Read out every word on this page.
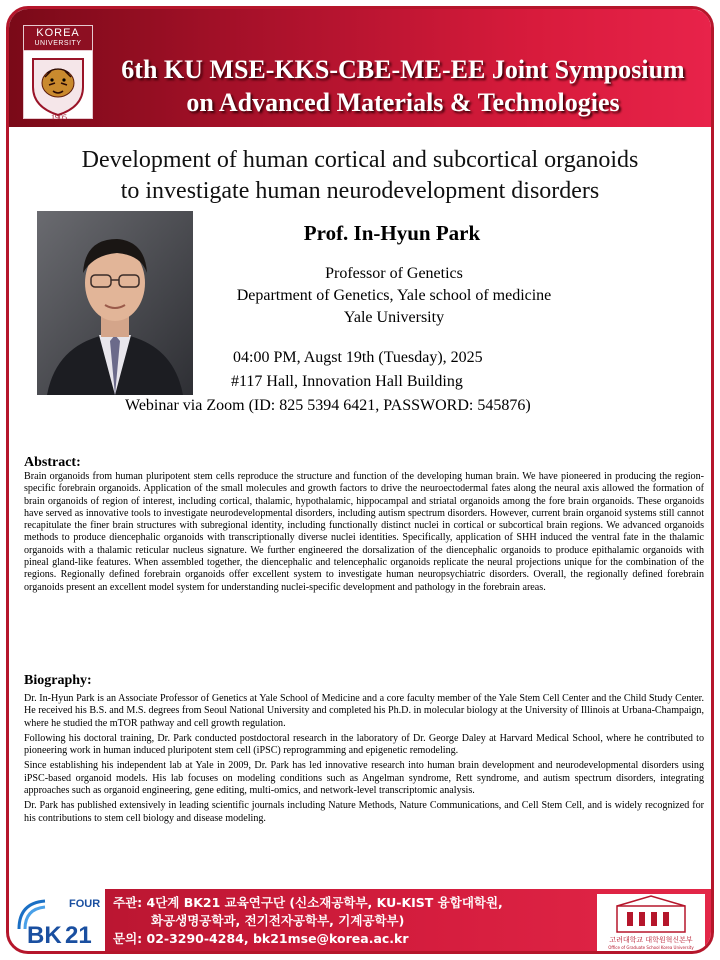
KOREA
UNIVERSITY
6th KU MSE-KKS-CBE-ME-EE Joint Symposium
on Advanced Materials & Technologies
Development of human cortical and subcortical organoids
to investigate human neurodevelopment disorders
Prof. In-Hyun Park
Professor of Genetics
Department of Genetics, Yale school of medicine
Yale University
04:00 PM, Augst 19th (Tuesday), 2025
#117 Hall, Innovation Hall Building
Webinar via Zoom (ID: 825 5394 6421, PASSWORD: 545876)
Abstract:
Brain organoids from human pluripotent stem cells reproduce the structure and function of the developing human brain. We have pioneered in producing the region-specific forebrain organoids. Application of the small molecules and growth factors to drive the neuroectodermal fates along the neural axis allowed the formation of brain organoids of region of interest, including cortical, thalamic, hypothalamic, hippocampal and striatal organoids among the fore brain organoids. These organoids have served as innovative tools to investigate neurodevelopmental disorders, including autism spectrum disorders. However, current brain organoid systems still cannot recapitulate the finer brain structures with subregional identity, including functionally distinct nuclei in cortical or subcortical brain regions. We advanced organoids methods to produce diencephalic organoids with transcriptionally diverse nuclei identities. Specifically, application of SHH induced the ventral fate in the thalamic organoids with a thalamic reticular nucleus signature. We further engineered the dorsalization of the diencephalic organoids to produce epithalamic organoids with pineal gland-like features. When assembled together, the diencephalic and telencephalic organoids replicate the neural projections unique for the combination of the regions. Regionally defined forebrain organoids offer excellent system to investigate human neuropsychiatric disorders. Overall, the regionally defined forebrain organoids present an excellent model system for understanding nuclei-specific development and pathology in the forebrain areas.
Biography:
Dr. In-Hyun Park is an Associate Professor of Genetics at Yale School of Medicine and a core faculty member of the Yale Stem Cell Center and the Child Study Center. He received his B.S. and M.S. degrees from Seoul National University and completed his Ph.D. in molecular biology at the University of Illinois at Urbana-Champaign, where he studied the mTOR pathway and cell growth regulation.
Following his doctoral training, Dr. Park conducted postdoctoral research in the laboratory of Dr. George Daley at Harvard Medical School, where he contributed to pioneering work in human induced pluripotent stem cell (iPSC) reprogramming and epigenetic remodeling.
Since establishing his independent lab at Yale in 2009, Dr. Park has led innovative research into human brain development and neurodevelopmental disorders using iPSC-based organoid models. His lab focuses on modeling conditions such as Angelman syndrome, Rett syndrome, and autism spectrum disorders, integrating approaches such as organoid engineering, gene editing, multi-omics, and network-level transcriptomic analysis.
Dr. Park has published extensively in leading scientific journals including Nature Methods, Nature Communications, and Cell Stem Cell, and is widely recognized for his contributions to stem cell biology and disease modeling.
FOUR
BK 21
주관: 4단계 BK21 교육연구단 (신소재공학부, KU-KIST 융합대학원,
화공생명공학과, 전기전자공학부, 기계공학부)
문의: 02-3290-4284, bk21mse@korea.ac.kr	고려대학교 대학원혁신본부
Office of Graduate School Korea University
1905
